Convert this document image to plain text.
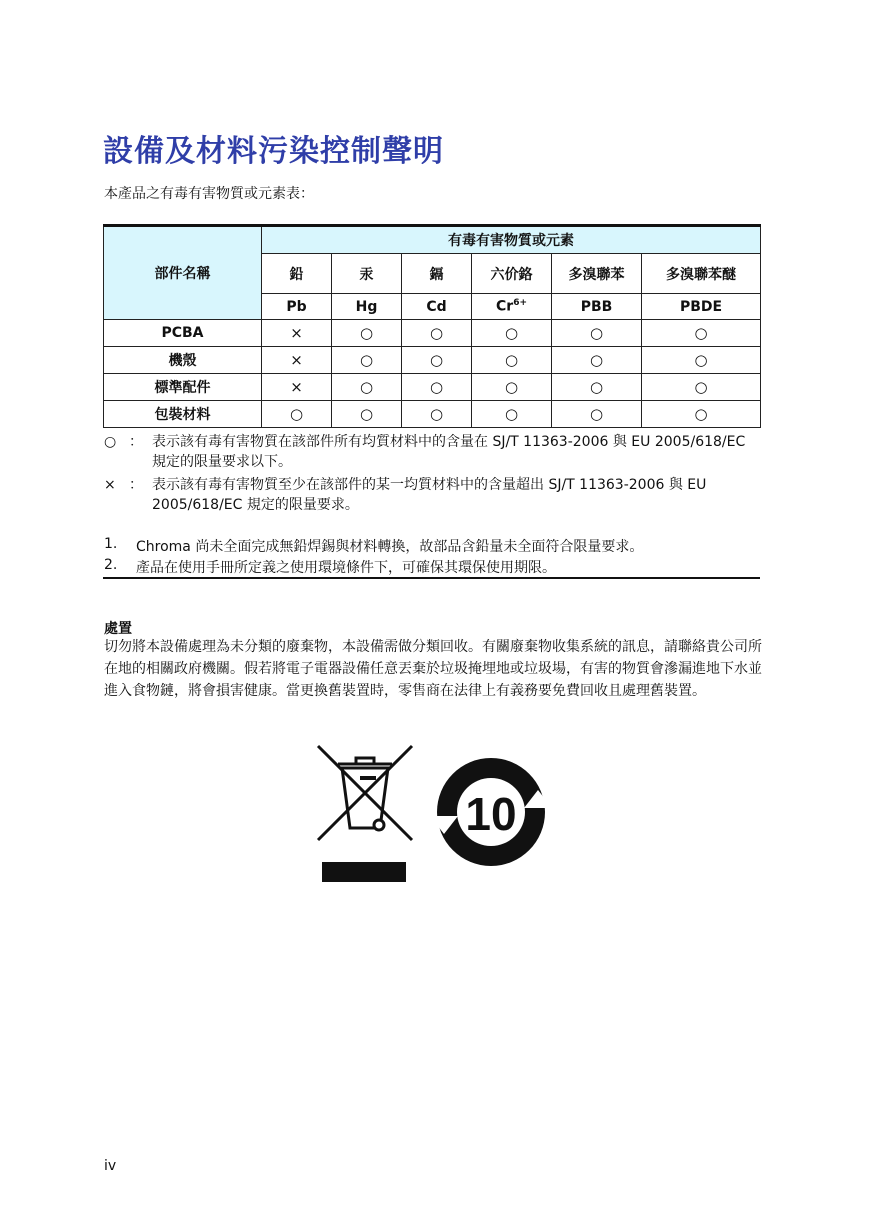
設備及材料污染控制聲明
本產品之有毒有害物質或元素表：
部件名稱	有毒有害物質或元素					
	鉛	汞	鎘	六价鉻	多溴聯苯	多溴聯苯醚
	Pb	Hg	Cd	$Cr^{6+}$	PBB	PBDE
PCBA	×	○	○	○	○	○
機殼	×	○	○	○	○	○
標準配件	×	○	○	○	○	○
包裝材料	○	○	○	○	○	○
○ ： 表示該有毒有害物質在該部件所有均質材料中的含量在 SJ/T 11363-2006 與 EU 2005/618/EC 規定的限量要求以下。
× ： 表示該有毒有害物質至少在該部件的某一均質材料中的含量超出 SJ/T 11363-2006 與 EU 2005/618/EC 規定的限量要求。
1. Chroma 尚未全面完成無鉛焊錫與材料轉換，故部品含鉛量未全面符合限量要求。
2. 產品在使用手冊所定義之使用環境條件下，可確保其環保使用期限。
處置
切勿將本設備處理為未分類的廢棄物，本設備需做分類回收。有關廢棄物收集系統的訊息，請聯絡貴公司所在地的相關政府機關。假若將電子電器設備任意丟棄於垃圾掩埋地或垃圾場，有害的物質會滲漏進地下水並進入食物鏈，將會損害健康。當更換舊裝置時，零售商在法律上有義務要免費回收且處理舊裝置。
10
iv
